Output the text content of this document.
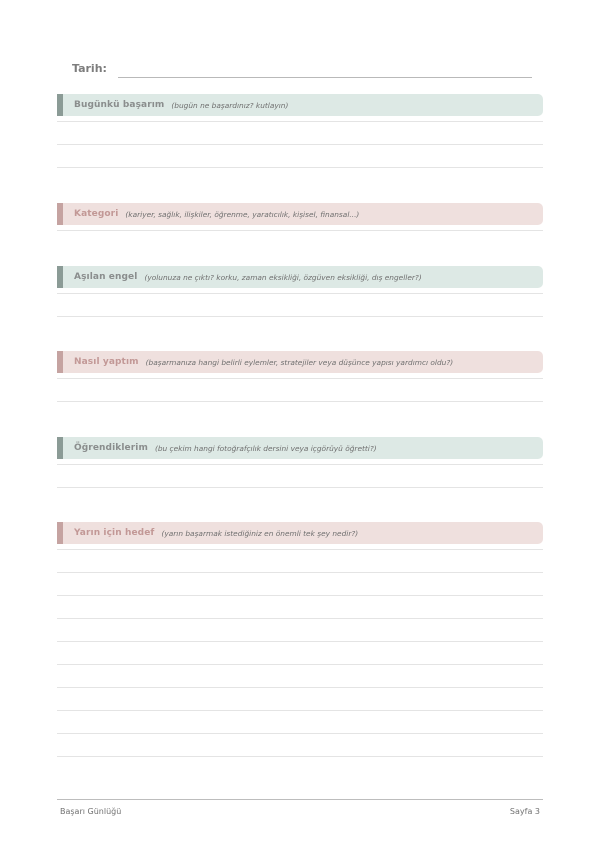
Tarih:
Bugünkü başarım (bugün ne başardınız? kutlayın)
Kategori (kariyer, sağlık, ilişkiler, öğrenme, yaratıcılık, kişisel, finansal...)
Aşılan engel (yolunuza ne çıktı? korku, zaman eksikliği, özgüven eksikliği, dış engeller?)
Nasıl yaptım (başarmanıza hangi belirli eylemler, stratejiler veya düşünce yapısı yardımcı oldu?)
Öğrendiklerim (bu çekim hangi fotoğrafçılık dersini veya içgörüyü öğretti?)
Yarın için hedef (yarın başarmak istediğiniz en önemli tek şey nedir?)
Başarı Günlüğü	Sayfa 3
